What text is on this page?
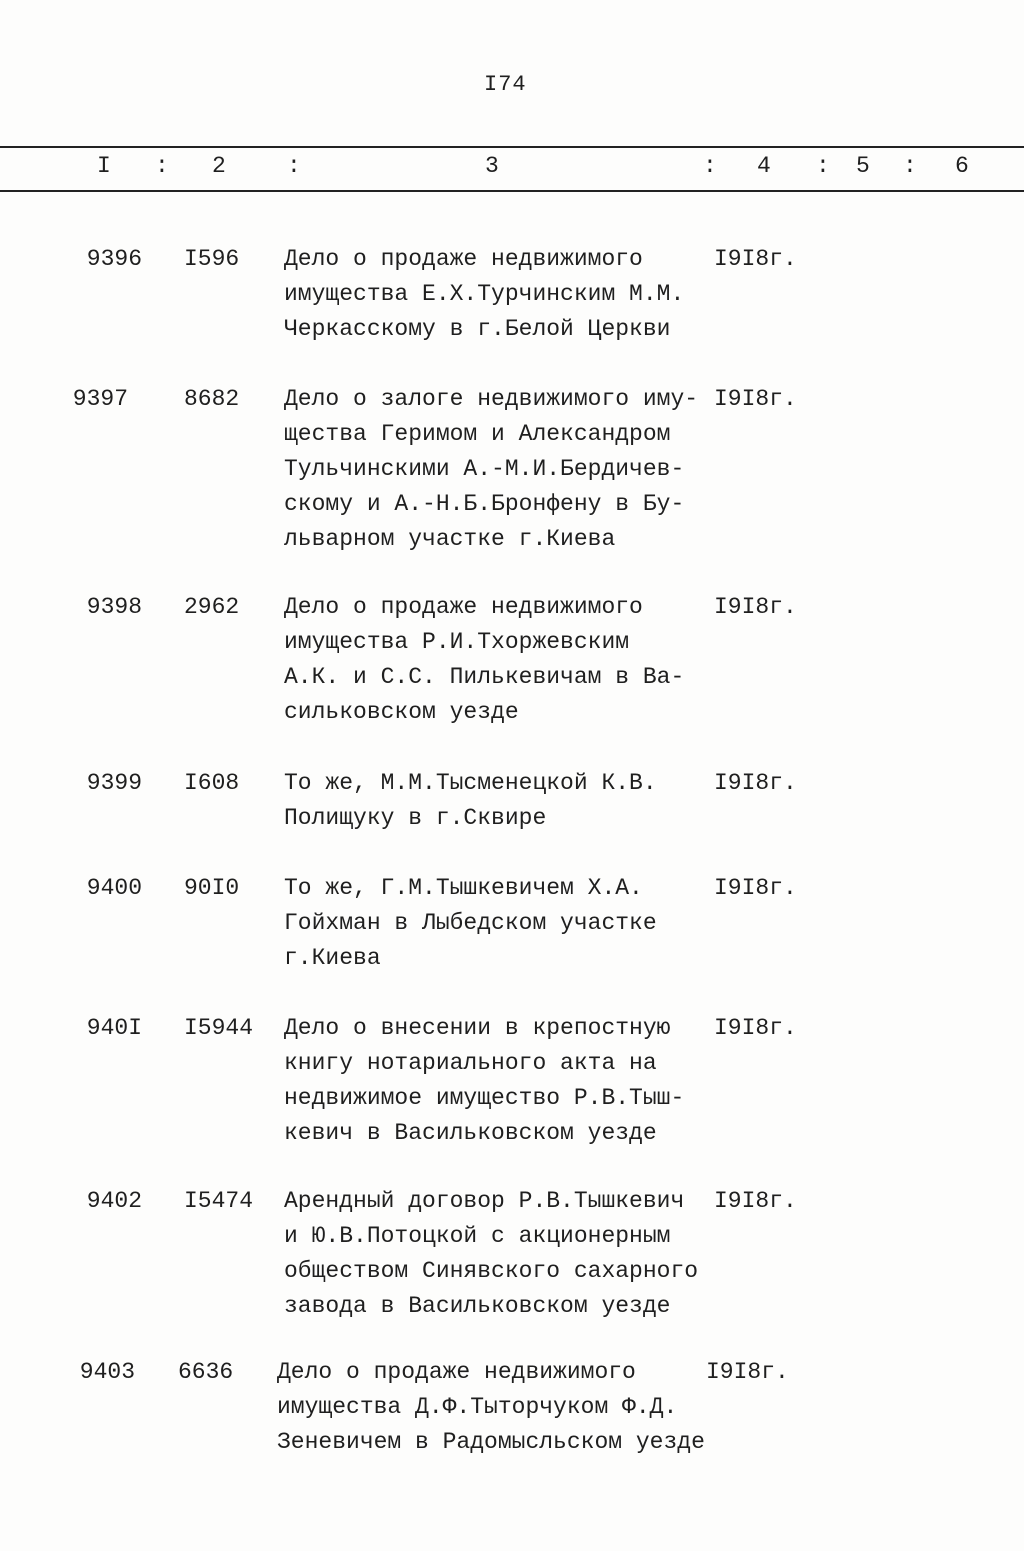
I74
I : 2	:	3	: 4 : 5 : 6
9396 I596	Дело о продаже недвижимого
имущества Е.Х.Турчинским М.М.
Черкасскому в г.Белой Церкви
I9I8г.
9397 8682	Дело о залоге недвижимого иму-
щества Геримом и Александром
Тульчинскими А.-М.И.Бердичев-
скому и А.-Н.Б.Бронфену в Бу-
льварном участке г.Киева
I9I8г.
9398 2962	Дело о продаже недвижимого
имущества Р.И.Тхоржевским
А.К. и С.С. Пилькевичам в Ва-
сильковском уезде
I9I8г.
9399 I608	То же, М.М.Тысменецкой К.В.
Полищуку в г.Сквире
I9I8г.
9400 90I0	То же, Г.М.Тышкевичем Х.А.
Гойхман в Лыбедском участке
г.Киева
I9I8г.
940I I5944	Дело о внесении в крепостную
книгу нотариального акта на
недвижимое имущество Р.В.Тыш-
кевич в Васильковском уезде
I9I8г.
9402 I5474	Арендный договор Р.В.Тышкевич
и Ю.В.Потоцкой с акционерным
обществом Синявского сахарного
завода в Васильковском уезде
I9I8г.
9403 6636	Дело о продаже недвижимого
имущества Д.Ф.Тыторчуком Ф.Д.
Зеневичем в Радомысльском уезде
I9I8г.
